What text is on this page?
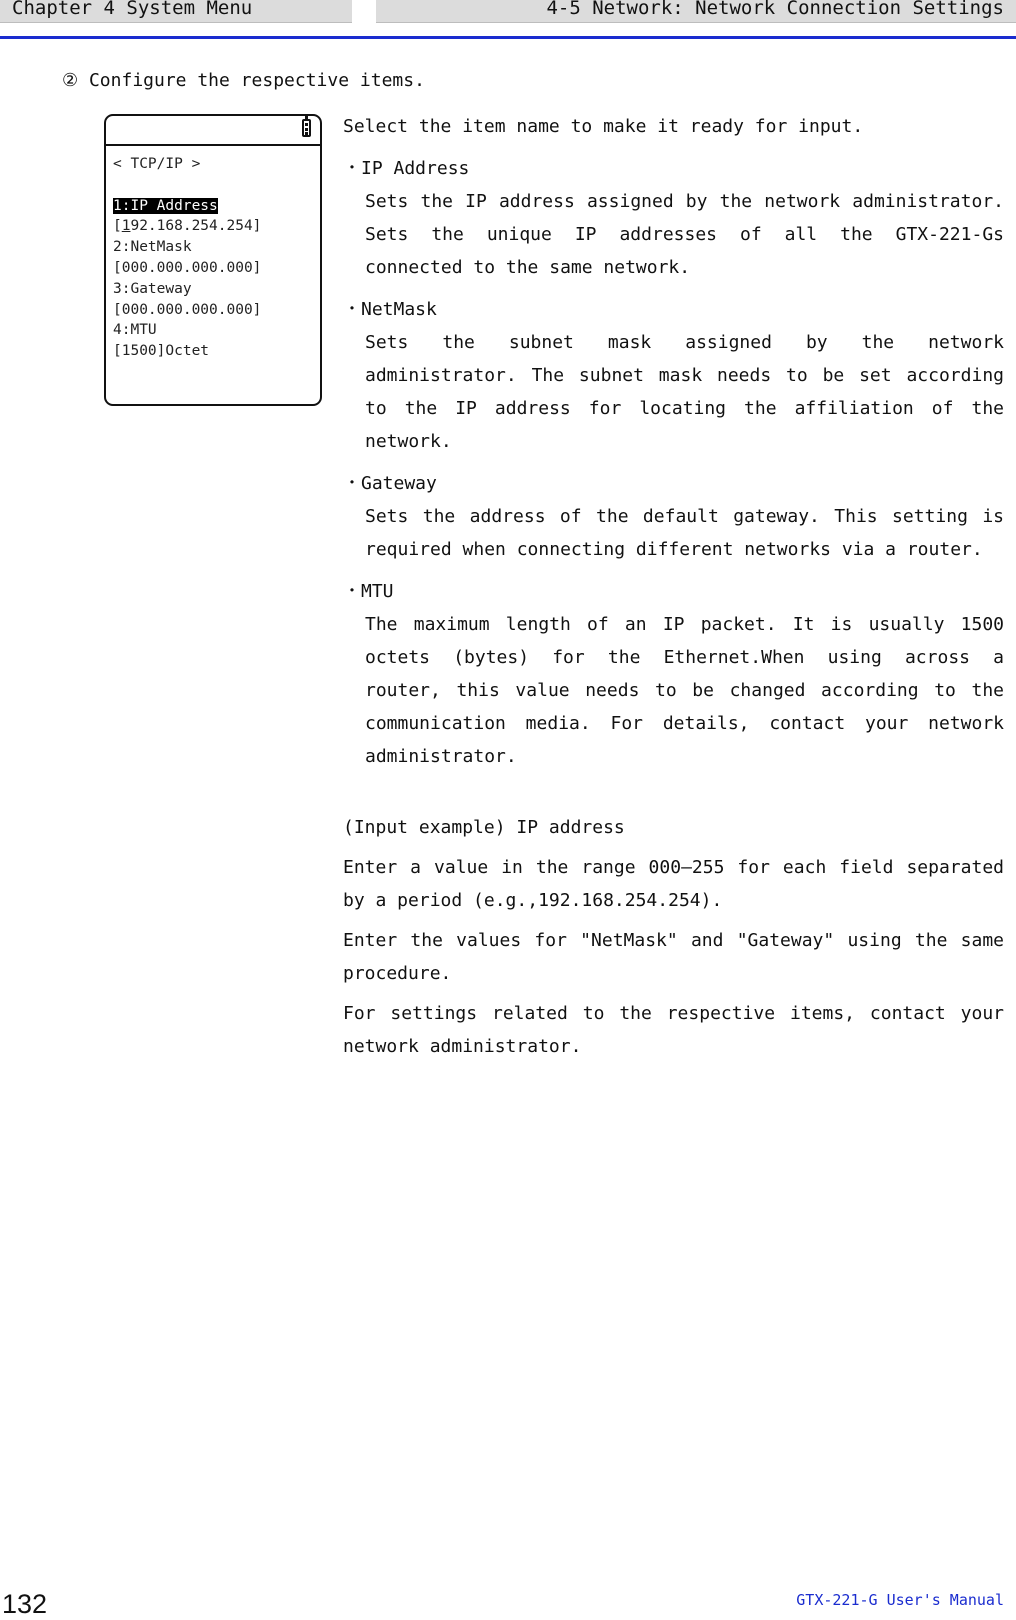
Chapter 4 System Menu	4-5 Network: Network Connection Settings
② Configure the respective items.
< TCP/IP >

1:IP Address
[192.168.254.254]
2:NetMask
[000.000.000.000]
3:Gateway
[000.000.000.000]
4:MTU
[1500]Octet

Select the item name to make it ready for input.

・IP Address

Sets the IP address assigned by the network administrator. Sets the unique IP addresses of all the GTX-221-Gs connected to the same network.

・NetMask

Sets the subnet mask assigned by the network administrator. The subnet mask needs to be set according to the IP address for locating the affiliation of the network.

・Gateway

Sets the address of the default gateway. This setting is required when connecting different networks via a router.

・MTU

The maximum length of an IP packet. It is usually 1500 octets (bytes) for the Ethernet.When using across a router, this value needs to be changed according to the communication media. For details, contact your network administrator.

(Input example) IP address

Enter a value in the range 000–255 for each field separated by a period (e.g.,192.168.254.254).

Enter the values for "NetMask" and "Gateway" using the same procedure.

For settings related to the respective items, contact your network administrator.

132	GTX-221-G User's Manual
